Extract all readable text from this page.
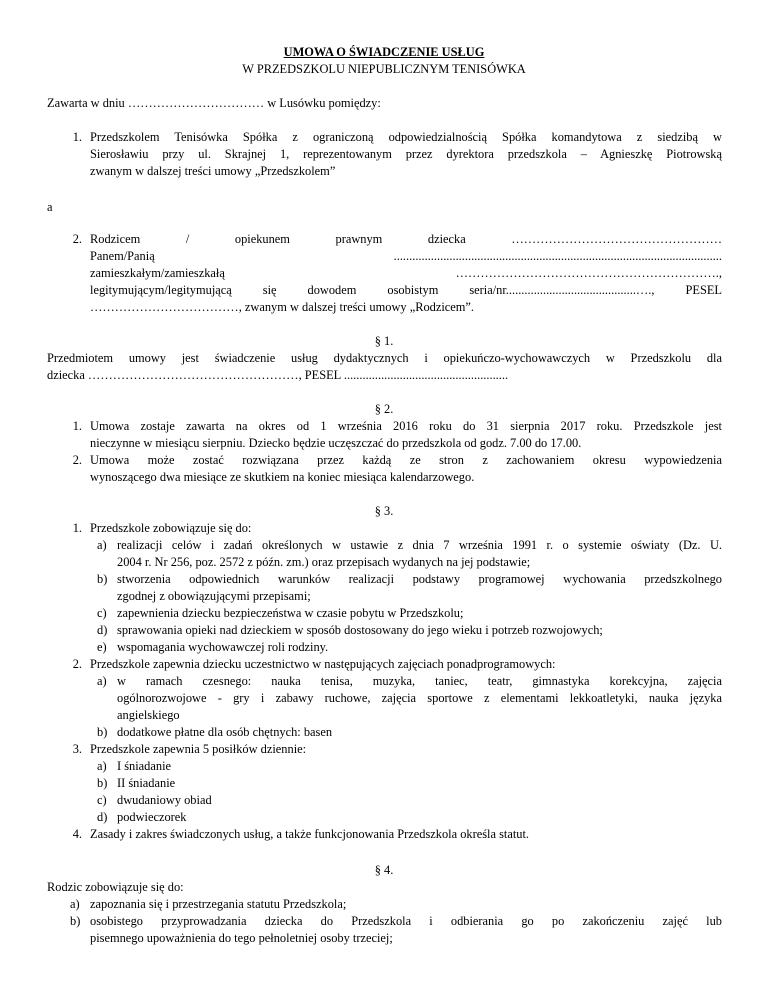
UMOWA O ŚWIADCZENIE USŁUG
W PRZEDSZKOLU NIEPUBLICZNYM TENISÓWKA
Zawarta w dniu …………………………… w Lusówku pomiędzy:
1. Przedszkolem Tenisówka Spółka z ograniczoną odpowiedzialnością Spółka komandytowa z siedzibą w
Sierosławiu przy ul. Skrajnej 1, reprezentowanym przez dyrektora przedszkola – Agnieszkę Piotrowską
zwanym w dalszej treści umowy „Przedszkolem”
a
2. Rodzicem / opiekunem prawnym dziecka ……………………………………………
Panem/Panią ..........................................................................................................
zamieszkałym/zamieszkałą ……………………………………………………….,
legitymującym/legitymującą się dowodem osobistym seria/nr..........................................…., PESEL
………………………………, zwanym w dalszej treści umowy „Rodzicem”.
§ 1.
Przedmiotem umowy jest świadczenie usług dydaktycznych i opiekuńczo-wychowawczych w Przedszkolu dla
dziecka ……………………………………………, PESEL .....................................................
§ 2.
1. Umowa zostaje zawarta na okres od 1 września 2016 roku do 31 sierpnia 2017 roku. Przedszkole jest
nieczynne w miesiącu sierpniu. Dziecko będzie uczęszczać do przedszkola od godz. 7.00 do 17.00.
2. Umowa może zostać rozwiązana przez każdą ze stron z zachowaniem okresu wypowiedzenia
wynoszącego dwa miesiące ze skutkiem na koniec miesiąca kalendarzowego.
§ 3.
1. Przedszkole zobowiązuje się do:
a) realizacji celów i zadań określonych w ustawie z dnia 7 września 1991 r. o systemie oświaty (Dz. U.
2004 r. Nr 256, poz. 2572 z późn. zm.) oraz przepisach wydanych na jej podstawie;
b) stworzenia odpowiednich warunków realizacji podstawy programowej wychowania przedszkolnego
zgodnej z obowiązującymi przepisami;
c) zapewnienia dziecku bezpieczeństwa w czasie pobytu w Przedszkolu;
d) sprawowania opieki nad dzieckiem w sposób dostosowany do jego wieku i potrzeb rozwojowych;
e) wspomagania wychowawczej roli rodziny.
2. Przedszkole zapewnia dziecku uczestnictwo w następujących zajęciach ponadprogramowych:
a) w ramach czesnego: nauka tenisa, muzyka, taniec, teatr, gimnastyka korekcyjna, zajęcia
ogólnorozwojowe - gry i zabawy ruchowe, zajęcia sportowe z elementami lekkoatletyki, nauka języka
angielskiego
b) dodatkowe płatne dla osób chętnych: basen
3. Przedszkole zapewnia 5 posiłków dziennie:
a) I śniadanie
b) II śniadanie
c) dwudaniowy obiad
d) podwieczorek
4. Zasady i zakres świadczonych usług, a także funkcjonowania Przedszkola określa statut.
§ 4.
Rodzic zobowiązuje się do:
a) zapoznania się i przestrzegania statutu Przedszkola;
b) osobistego przyprowadzania dziecka do Przedszkola i odbierania go po zakończeniu zajęć lub
pisemnego upoważnienia do tego pełnoletniej osoby trzeciej;
